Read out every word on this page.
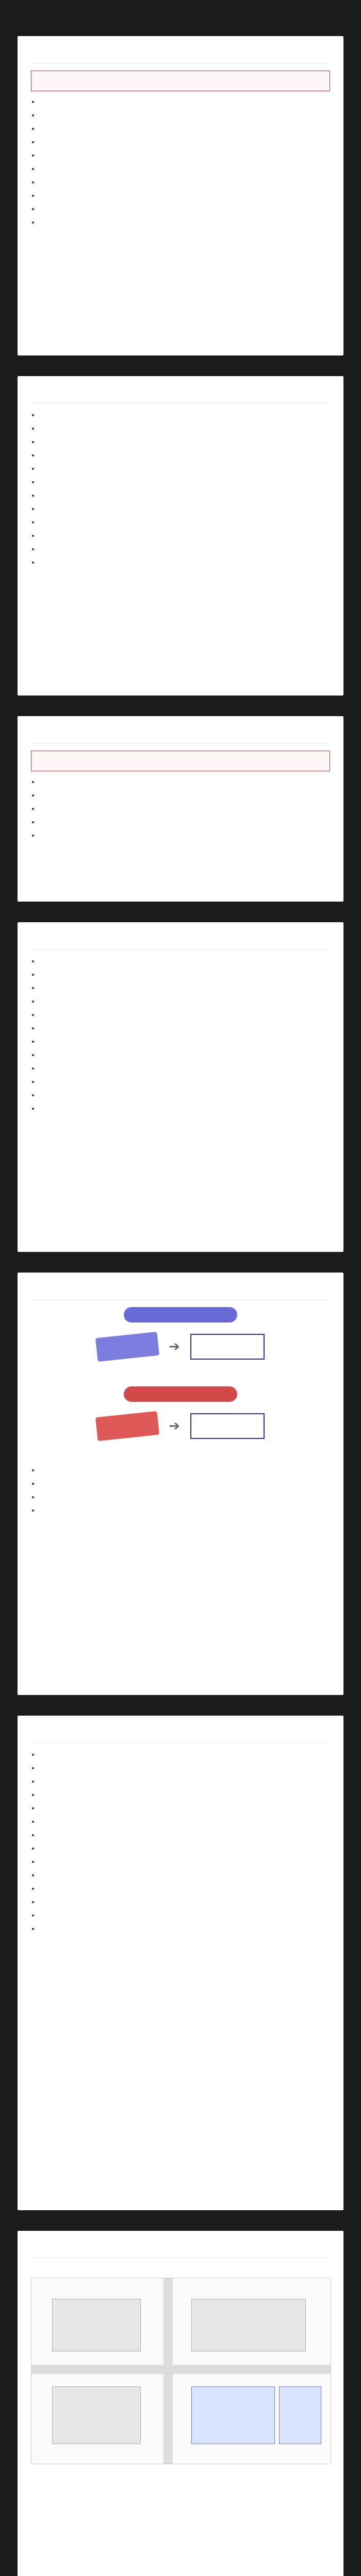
•
•
•
•
•
•
•
•
•
•
•
•
•
•
•
•
•
•
•
•
•
•
•
•
•
•
•
•
•
•
•
•
•
•
•
•
•
•
•
➔
➔
•
•
•
•
•
•
•
•
•
•
•
•
•
•
•
•
•
•
